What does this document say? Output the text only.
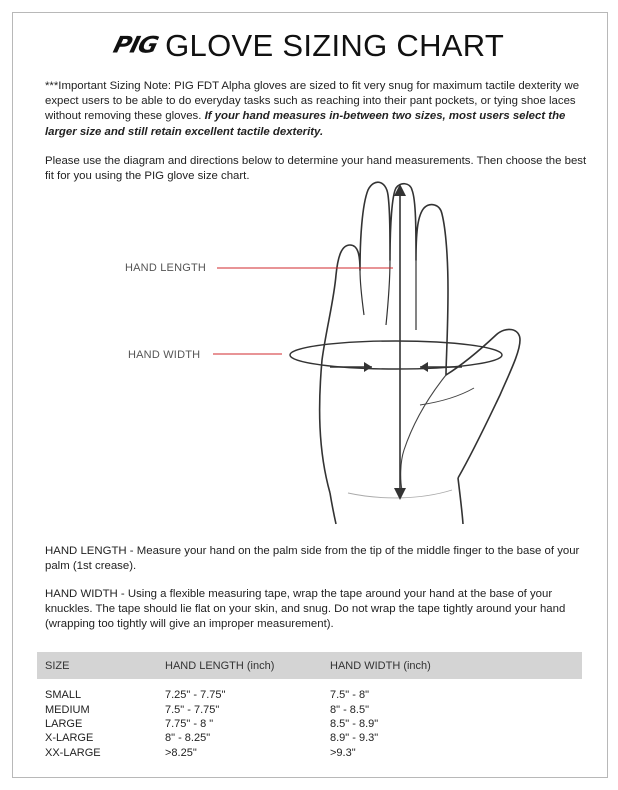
PIG GLOVE SIZING CHART
***Important Sizing Note: PIG FDT Alpha gloves are sized to fit very snug for maximum tactile dexterity we expect users to be able to do everyday tasks such as reaching into their pant pockets, or tying shoe laces without removing these gloves. If your hand measures in-between two sizes, most users select the larger size and still retain excellent tactile dexterity.
Please use the diagram and directions below to determine your hand measurements. Then choose the best fit for you using the PIG glove size chart.
HAND LENGTH
HAND WIDTH
HAND LENGTH - Measure your hand on the palm side from the tip of the middle finger to the base of your palm (1st crease).
HAND WIDTH - Using a flexible measuring tape, wrap the tape around your hand at the base of your knuckles. The tape should lie flat on your skin, and snug. Do not wrap the tape tightly around your hand (wrapping too tightly will give an improper measurement).
SIZE	HAND LENGTH (inch)	HAND WIDTH (inch)
SMALL	7.25" - 7.75"	7.5" - 8"
MEDIUM	7.5" - 7.75"	8" - 8.5"
LARGE	7.75" - 8 "	8.5" - 8.9"
X-LARGE	8" - 8.25"	8.9" - 9.3"
XX-LARGE	>8.25"	>9.3"
